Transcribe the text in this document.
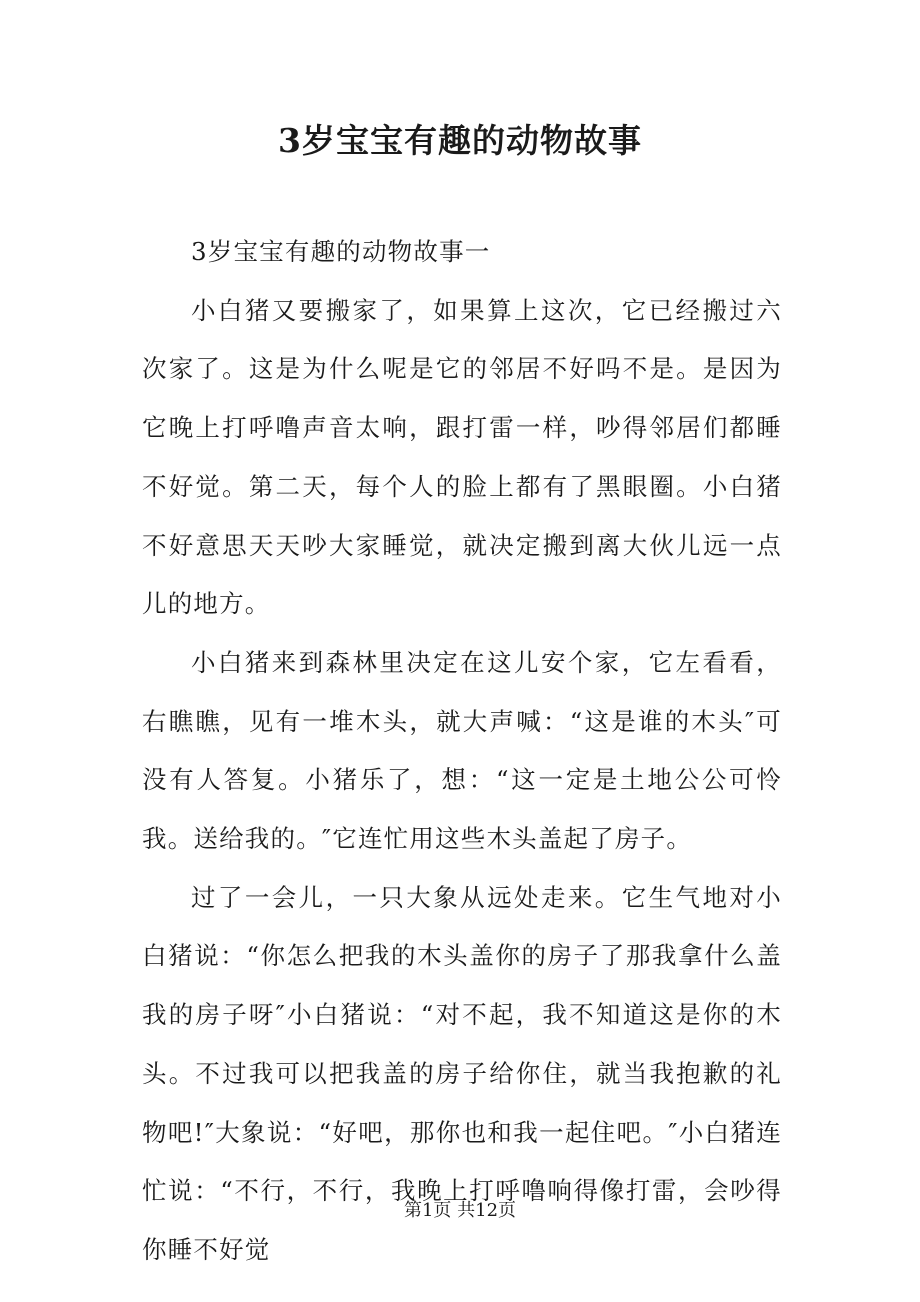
3岁宝宝有趣的动物故事

3岁宝宝有趣的动物故事一

小白猪又要搬家了，如果算上这次，它已经搬过六次家了。这是为什么呢是它的邻居不好吗不是。是因为它晚上打呼噜声音太响，跟打雷一样，吵得邻居们都睡不好觉。第二天，每个人的脸上都有了黑眼圈。小白猪不好意思天天吵大家睡觉，就决定搬到离大伙儿远一点儿的地方。

小白猪来到森林里决定在这儿安个家，它左看看，右瞧瞧，见有一堆木头，就大声喊：“这是谁的木头″可没有人答复。小猪乐了，想：“这一定是土地公公可怜我。送给我的。″它连忙用这些木头盖起了房子。

过了一会儿，一只大象从远处走来。它生气地对小白猪说：“你怎么把我的木头盖你的房子了那我拿什么盖我的房子呀″小白猪说：“对不起，我不知道这是你的木头。不过我可以把我盖的房子给你住，就当我抱歉的礼物吧!″大象说：“好吧，那你也和我一起住吧。″小白猪连忙说：“不行，不行，我晚上打呼噜响得像打雷，会吵得你睡不好觉

第1页 共12页
